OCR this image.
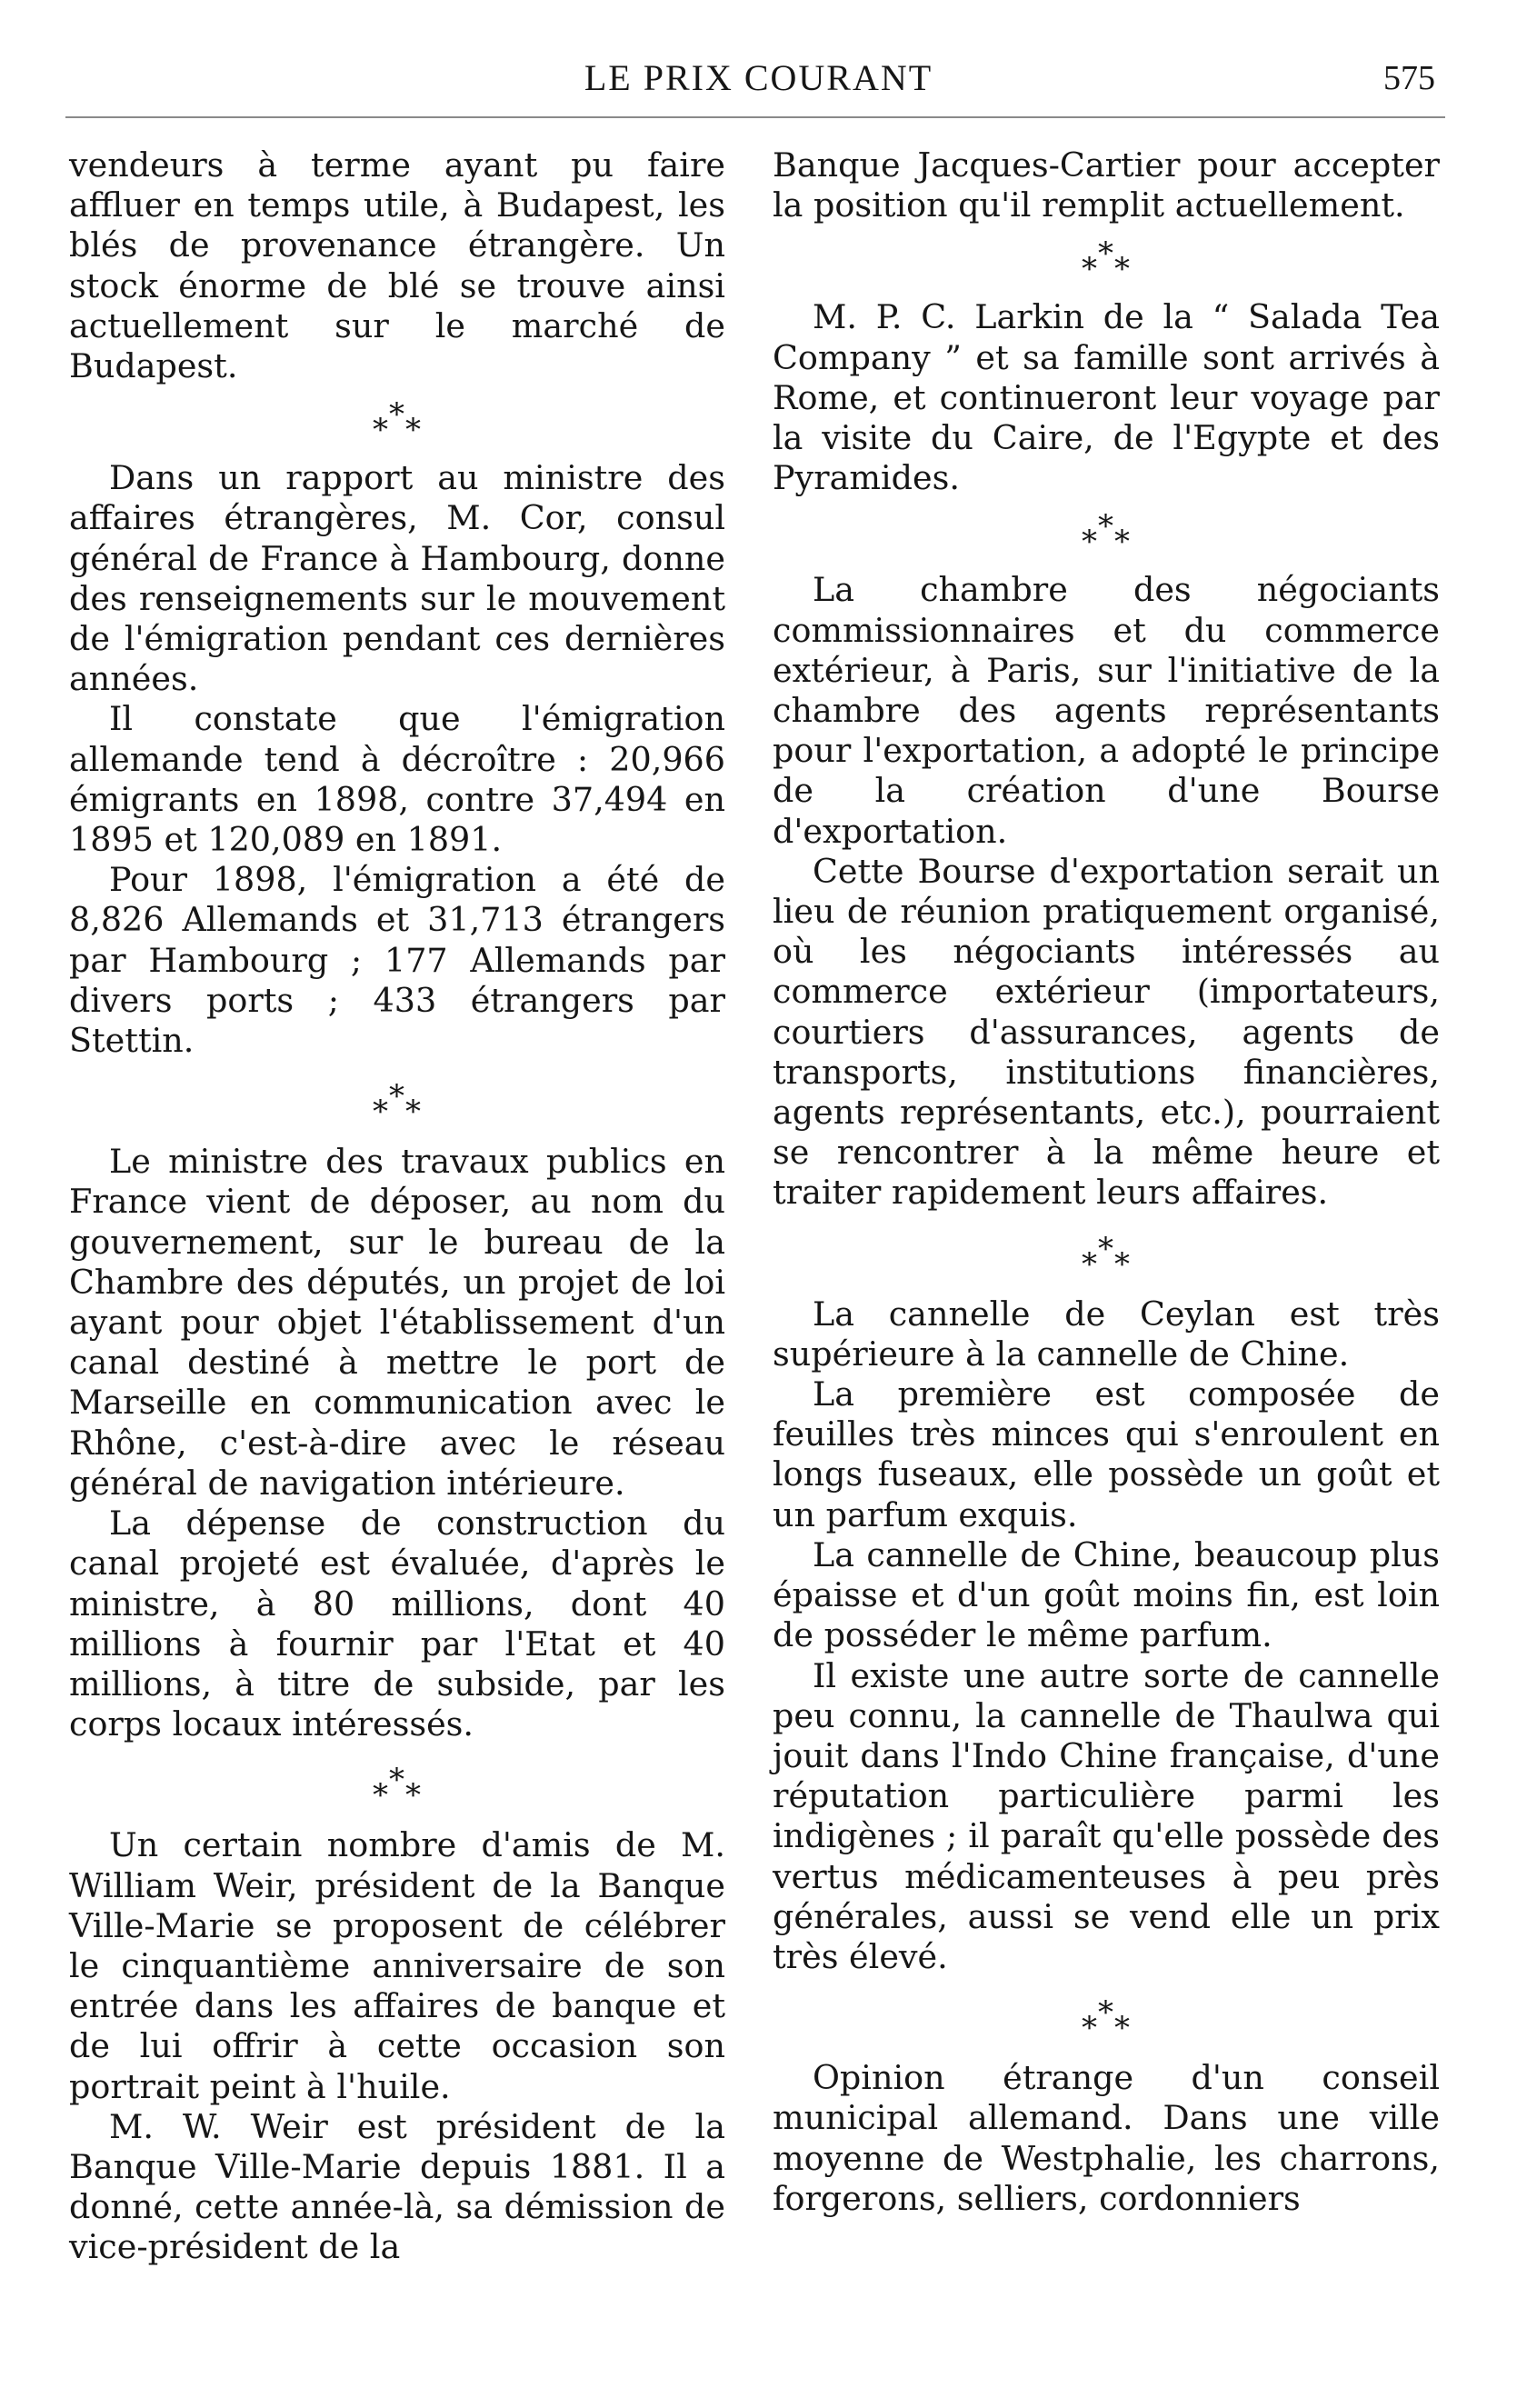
LE PRIX COURANT	575

vendeurs à terme ayant pu faire affluer en temps utile, à Budapest, les blés de provenance étrangère. Un stock énorme de blé se trouve ainsi actuellement sur le marché de Budapest.

***

Dans un rapport au ministre des affaires étrangères, M. Cor, consul général de France à Hambourg, donne des renseignements sur le mouvement de l'émigration pendant ces dernières années.

Il constate que l'émigration allemande tend à décroître : 20,966 émigrants en 1898, contre 37,494 en 1895 et 120,089 en 1891.

Pour 1898, l'émigration a été de 8,826 Allemands et 31,713 étrangers par Hambourg ; 177 Allemands par divers ports ; 433 étrangers par Stettin.

***

Le ministre des travaux publics en France vient de déposer, au nom du gouvernement, sur le bureau de la Chambre des députés, un projet de loi ayant pour objet l'établissement d'un canal destiné à mettre le port de Marseille en communication avec le Rhône, c'est-à-dire avec le réseau général de navigation intérieure.

La dépense de construction du canal projeté est évaluée, d'après le ministre, à 80 millions, dont 40 millions à fournir par l'Etat et 40 millions, à titre de subside, par les corps locaux intéressés.

***

Un certain nombre d'amis de M. William Weir, président de la Banque Ville-Marie se proposent de célébrer le cinquantième anniversaire de son entrée dans les affaires de banque et de lui offrir à cette occasion son portrait peint à l'huile.

M. W. Weir est président de la Banque Ville-Marie depuis 1881. Il a donné, cette année-là, sa démission de vice-président de la

Banque Jacques-Cartier pour accepter la position qu'il remplit actuellement.

***

M. P. C. Larkin de la “ Salada Tea Company ” et sa famille sont arrivés à Rome, et continueront leur voyage par la visite du Caire, de l'Egypte et des Pyramides.

***

La chambre des négociants commissionnaires et du commerce extérieur, à Paris, sur l'initiative de la chambre des agents représentants pour l'exportation, a adopté le principe de la création d'une Bourse d'exportation.

Cette Bourse d'exportation serait un lieu de réunion pratiquement organisé, où les négociants intéressés au commerce extérieur (importateurs, courtiers d'assurances, agents de transports, institutions financières, agents représentants, etc.), pourraient se rencontrer à la même heure et traiter rapidement leurs affaires.

***

La cannelle de Ceylan est très supérieure à la cannelle de Chine.

La première est composée de feuilles très minces qui s'enroulent en longs fuseaux, elle possède un goût et un parfum exquis.

La cannelle de Chine, beaucoup plus épaisse et d'un goût moins fin, est loin de posséder le même parfum.

Il existe une autre sorte de cannelle peu connu, la cannelle de Thaulwa qui jouit dans l'Indo Chine française, d'une réputation particulière parmi les indigènes ; il paraît qu'elle possède des vertus médicamenteuses à peu près générales, aussi se vend elle un prix très élevé.

***

Opinion étrange d'un conseil municipal allemand. Dans une ville moyenne de Westphalie, les charrons, forgerons, selliers, cordonniers
